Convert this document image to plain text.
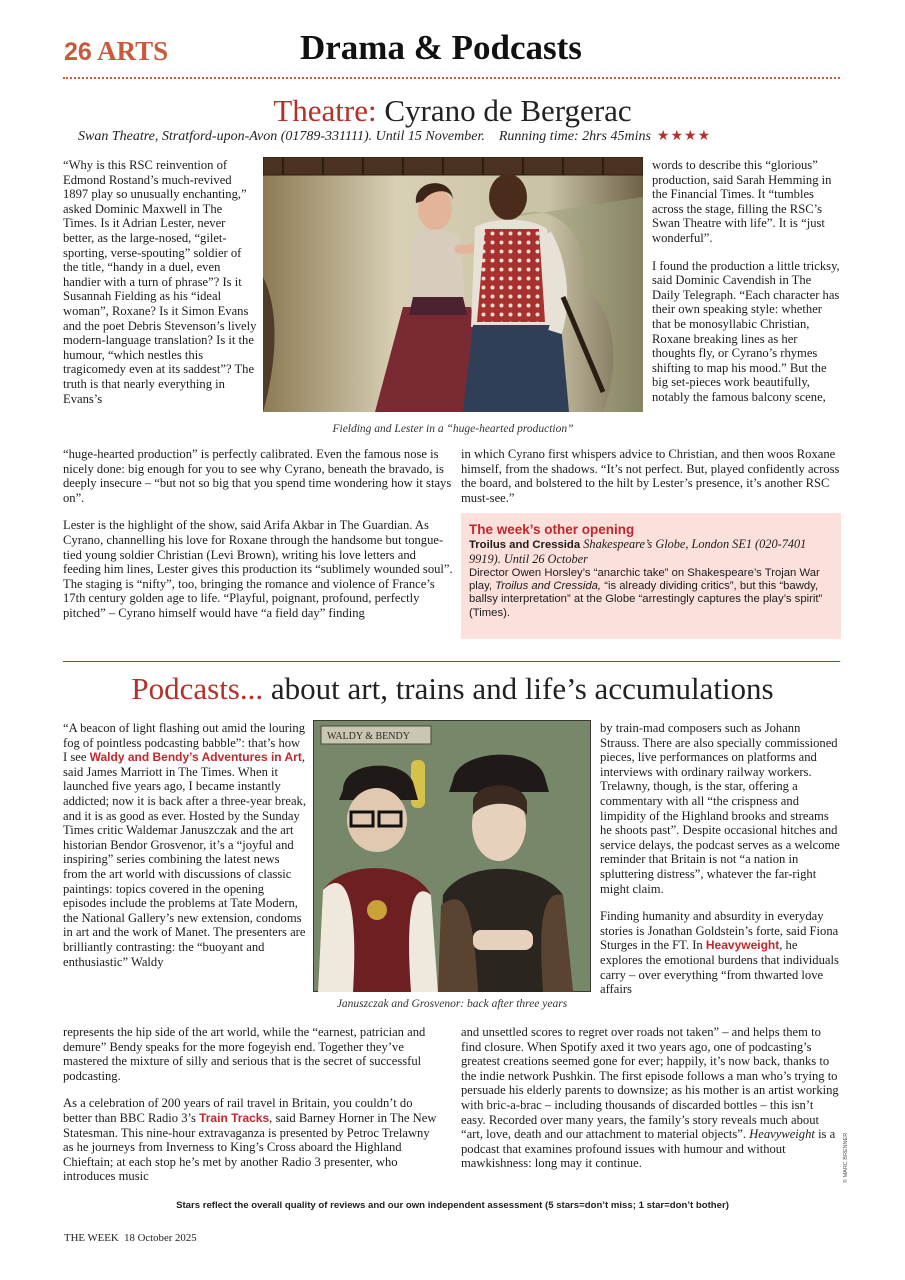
26 ARTS	Drama & Podcasts
Theatre: Cyrano de Bergerac
Swan Theatre, Stratford-upon-Avon (01789-331111). Until 15 November.    Running time: 2hrs 45mins ★★★★

“Why is this RSC reinvention of Edmond Rostand’s much-revived 1897 play so unusually enchanting,” asked Dominic Maxwell in The Times. Is it Adrian Lester, never better, as the large-nosed, “gilet-sporting, verse-spouting” soldier of the title, “handy in a duel, even handier with a turn of phrase”? Is it Susannah Fielding as his “ideal woman”, Roxane? Is it Simon Evans and the poet Debris Stevenson’s lively modern-language translation? Is it the humour, “which nestles this tragicomedy even at its saddest”? The truth is that nearly everything in Evans’s

Fielding and Lester in a “huge-hearted production”

words to describe this “glorious” production, said Sarah Hemming in the Financial Times. It “tumbles across the stage, filling the RSC’s Swan Theatre with life”. It is “just wonderful”.

I found the production a little tricksy, said Dominic Cavendish in The Daily Telegraph. “Each character has their own speaking style: whether that be monosyllabic Christian, Roxane breaking lines as her thoughts fly, or Cyrano’s rhymes shifting to map his mood.” But the big set-pieces work beautifully, notably the famous balcony scene,

“huge-hearted production” is perfectly calibrated. Even the famous nose is nicely done: big enough for you to see why Cyrano, beneath the bravado, is deeply insecure – “but not so big that you spend time wondering how it stays on”.

Lester is the highlight of the show, said Arifa Akbar in The Guardian. As Cyrano, channelling his love for Roxane through the handsome but tongue-tied young soldier Christian (Levi Brown), writing his love letters and feeding him lines, Lester gives this production its “sublimely wounded soul”. The staging is “nifty”, too, bringing the romance and violence of France’s 17th century golden age to life. “Playful, poignant, profound, perfectly pitched” – Cyrano himself would have “a field day” finding

in which Cyrano first whispers advice to Christian, and then woos Roxane himself, from the shadows. “It’s not perfect. But, played confidently across the board, and bolstered to the hilt by Lester’s presence, it’s another RSC must-see.”

The week’s other opening
Troilus and Cressida Shakespeare’s Globe, London SE1 (020-7401 9919). Until 26 October
Director Owen Horsley’s “anarchic take” on Shakespeare’s Trojan War play, Troilus and Cressida, “is already dividing critics”, but this “bawdy, ballsy interpretation” at the Globe “arrestingly captures the play’s spirit” (Times).
Podcasts... about art, trains and life’s accumulations

“A beacon of light flashing out amid the louring fog of pointless podcasting babble”: that’s how I see Waldy and Bendy’s Adventures in Art, said James Marriott in The Times. When it launched five years ago, I became instantly addicted; now it is back after a three-year break, and it is as good as ever. Hosted by the Sunday Times critic Waldemar Januszczak and the art historian Bendor Grosvenor, it’s a “joyful and inspiring” series combining the latest news from the art world with discussions of classic paintings: topics covered in the opening episodes include the problems at Tate Modern, the National Gallery’s new extension, condoms in art and the work of Manet. The presenters are brilliantly contrasting: the “buoyant and enthusiastic” Waldy

WALDY & BENDY
Januszczak and Grosvenor: back after three years

by train-mad composers such as Johann Strauss. There are also specially commissioned pieces, live performances on platforms and interviews with ordinary railway workers. Trelawny, though, is the star, offering a commentary with all “the crispness and limpidity of the Highland brooks and streams he shoots past”. Despite occasional hitches and service delays, the podcast serves as a welcome reminder that Britain is not “a nation in spluttering distress”, whatever the far-right might claim.

Finding humanity and absurdity in everyday stories is Jonathan Goldstein’s forte, said Fiona Sturges in the FT. In Heavyweight, he explores the emotional burdens that individuals carry – over everything “from thwarted love affairs

represents the hip side of the art world, while the “earnest, patrician and demure” Bendy speaks for the more fogeyish end. Together they’ve mastered the mixture of silly and serious that is the secret of successful podcasting.

As a celebration of 200 years of rail travel in Britain, you couldn’t do better than BBC Radio 3’s Train Tracks, said Barney Horner in The New Statesman. This nine-hour extravaganza is presented by Petroc Trelawny as he journeys from Inverness to King’s Cross aboard the Highland Chieftain; at each stop he’s met by another Radio 3 presenter, who introduces music

and unsettled scores to regret over roads not taken” – and helps them to find closure. When Spotify axed it two years ago, one of podcasting’s greatest creations seemed gone for ever; happily, it’s now back, thanks to the indie network Pushkin. The first episode follows a man who’s trying to persuade his elderly parents to downsize; as his mother is an artist working with bric-a-brac – including thousands of discarded bottles – this isn’t easy. Recorded over many years, the family’s story reveals much about “art, love, death and our attachment to material objects”. Heavyweight is a podcast that examines profound issues with humour and without mawkishness: long may it continue.	© MARC BRENNER
Stars reflect the overall quality of reviews and our own independent assessment (5 stars=don’t miss; 1 star=don’t bother)
THE WEEK  18 October 2025
